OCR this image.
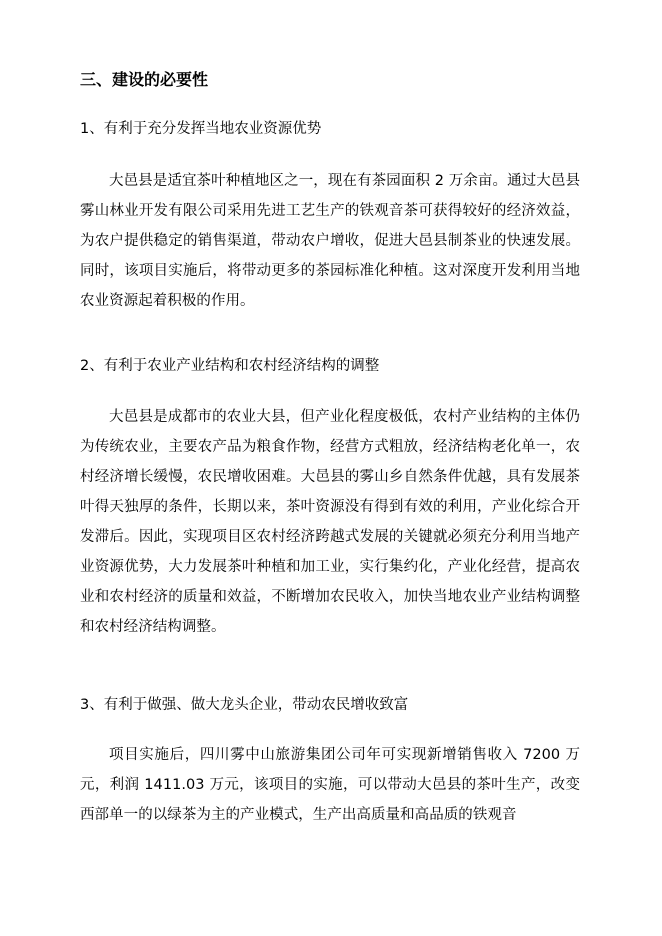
三、建设的必要性
1、有利于充分发挥当地农业资源优势
大邑县是适宜茶叶种植地区之一，现在有茶园面积 2 万余亩。通过大邑县雾山林业开发有限公司采用先进工艺生产的铁观音茶可获得较好的经济效益，为农户提供稳定的销售渠道，带动农户增收，促进大邑县制茶业的快速发展。同时，该项目实施后，将带动更多的茶园标准化种植。这对深度开发利用当地农业资源起着积极的作用。
2、有利于农业产业结构和农村经济结构的调整
大邑县是成都市的农业大县，但产业化程度极低，农村产业结构的主体仍为传统农业，主要农产品为粮食作物，经营方式粗放，经济结构老化单一，农村经济增长缓慢，农民增收困难。大邑县的雾山乡自然条件优越，具有发展茶叶得天独厚的条件，长期以来，茶叶资源没有得到有效的利用，产业化综合开发滞后。因此，实现项目区农村经济跨越式发展的关键就必须充分利用当地产业资源优势，大力发展茶叶种植和加工业，实行集约化，产业化经营，提高农业和农村经济的质量和效益，不断增加农民收入，加快当地农业产业结构调整和农村经济结构调整。
3、有利于做强、做大龙头企业，带动农民增收致富
项目实施后，四川雾中山旅游集团公司年可实现新增销售收入 7200 万元，利润 1411.03 万元，该项目的实施，可以带动大邑县的茶叶生产，改变西部单一的以绿茶为主的产业模式，生产出高质量和高品质的铁观音
